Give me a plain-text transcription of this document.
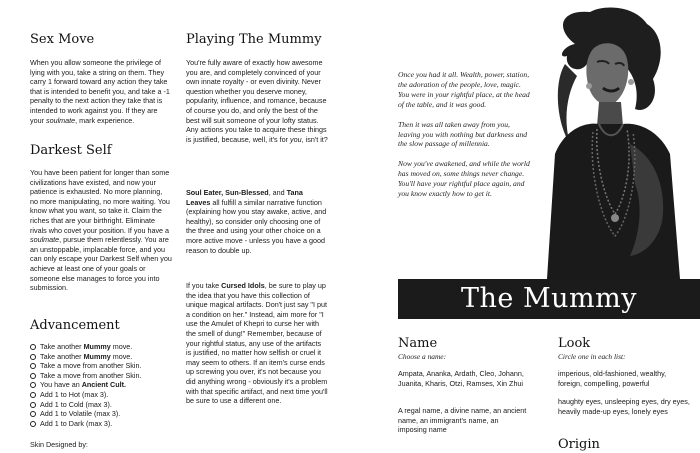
Sex Move

When you allow someone the privilege of lying with you, take a string on them. They carry 1 forward toward any action they take that is intended to benefit you, and take a -1 penalty to the next action they take that is intended to work against you. If they are your soulmate, mark experience.

Darkest Self

You have been patient for longer than some civilizations have existed, and now your patience is exhausted. No more planning, no more manipulating, no more waiting. You know what you want, so take it. Claim the riches that are your birthright. Eliminate rivals who covet your position. If you have a soulmate, pursue them relentlessly. You are an unstoppable, implacable force, and you can only escape your Darkest Self when you achieve at least one of your goals or someone else manages to force you into submission.

Advancement
Take another Mummy move.
Take another Mummy move.
Take a move from another Skin.
Take a move from another Skin.
You have an Ancient Cult.
Add 1 to Hot (max 3).
Add 1 to Cold (max 3).
Add 1 to Volatile (max 3).
Add 1 to Dark (max 3).

Skin Designed by:

Playing The Mummy

You're fully aware of exactly how awesome you are, and completely convinced of your own innate royalty - or even divinity. Never question whether you deserve money, popularity, influence, and romance, because of course you do, and only the best of the best will suit someone of your lofty status. Any actions you take to acquire these things is justified, because, well, it's for you, isn't it?

Soul Eater, Sun-Blessed, and Tana Leaves all fulfill a similar narrative function (explaining how you stay awake, active, and healthy), so consider only choosing one of the three and using your other choice on a more active move - unless you have a good reason to double up.

If you take Cursed Idols, be sure to play up the idea that you have this collection of unique magical artifacts. Don't just say "I put a condition on her." Instead, aim more for "I use the Amulet of Khepri to curse her with the smell of dung!" Remember, because of your rightful status, any use of the artifacts is justified, no matter how selfish or cruel it may seem to others. If an item's curse ends up screwing you over, it's not because you did anything wrong - obviously it's a problem with that specific artifact, and next time you'll be sure to use a different one.

Once you had it all. Wealth, power, station, the adoration of the people, love, magic. You were in your rightful place, at the head of the table, and it was good.

Then it was all taken away from you, leaving you with nothing but darkness and the slow passage of millennia.

Now you've awakened, and while the world has moved on, some things never change. You'll have your rightful place again, and you know exactly how to get it.

The Mummy
Name
Choose a name:

Ampata, Ananka, Ardath, Cleo, Johann, Juanita, Kharis, Otzi, Ramses, Xin Zhui

A regal name, a divine name, an ancient name, an immigrant's name, an imposing name

Look
Circle one in each list:

imperious, old-fashioned, wealthy, foreign, compelling, powerful

haughty eyes, unsleeping eyes, dry eyes, heavily made-up eyes, lonely eyes

Origin
